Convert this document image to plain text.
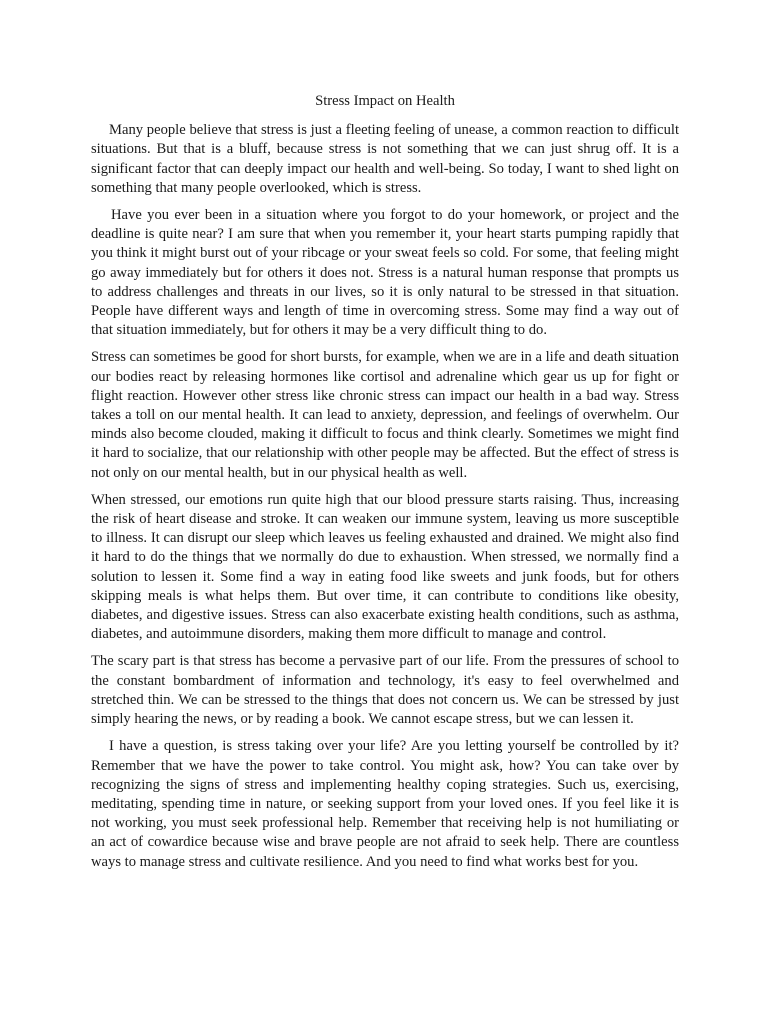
Stress Impact on Health

Many people believe that stress is just a fleeting feeling of unease, a common reaction to difficult situations. But that is a bluff, because stress is not something that we can just shrug off. It is a significant factor that can deeply impact our health and well-being. So today, I want to shed light on something that many people overlooked, which is stress.

Have you ever been in a situation where you forgot to do your homework, or project and the deadline is quite near? I am sure that when you remember it, your heart starts pumping rapidly that you think it might burst out of your ribcage or your sweat feels so cold. For some, that feeling might go away immediately but for others it does not. Stress is a natural human response that prompts us to address challenges and threats in our lives, so it is only natural to be stressed in that situation. People have different ways and length of time in overcoming stress. Some may find a way out of that situation immediately, but for others it may be a very difficult thing to do.

Stress can sometimes be good for short bursts, for example, when we are in a life and death situation our bodies react by releasing hormones like cortisol and adrenaline which gear us up for fight or flight reaction. However other stress like chronic stress can impact our health in a bad way. Stress takes a toll on our mental health. It can lead to anxiety, depression, and feelings of overwhelm. Our minds also become clouded, making it difficult to focus and think clearly. Sometimes we might find it hard to socialize, that our relationship with other people may be affected. But the effect of stress is not only on our mental health, but in our physical health as well.

When stressed, our emotions run quite high that our blood pressure starts raising. Thus, increasing the risk of heart disease and stroke. It can weaken our immune system, leaving us more susceptible to illness. It can disrupt our sleep which leaves us feeling exhausted and drained. We might also find it hard to do the things that we normally do due to exhaustion. When stressed, we normally find a solution to lessen it. Some find a way in eating food like sweets and junk foods, but for others skipping meals is what helps them. But over time, it can contribute to conditions like obesity, diabetes, and digestive issues. Stress can also exacerbate existing health conditions, such as asthma, diabetes, and autoimmune disorders, making them more difficult to manage and control.

The scary part is that stress has become a pervasive part of our life. From the pressures of school to the constant bombardment of information and technology, it's easy to feel overwhelmed and stretched thin. We can be stressed to the things that does not concern us. We can be stressed by just simply hearing the news, or by reading a book. We cannot escape stress, but we can lessen it.

I have a question, is stress taking over your life? Are you letting yourself be controlled by it? Remember that we have the power to take control. You might ask, how? You can take over by recognizing the signs of stress and implementing healthy coping strategies. Such us, exercising, meditating, spending time in nature, or seeking support from your loved ones. If you feel like it is not working, you must seek professional help. Remember that receiving help is not humiliating or an act of cowardice because wise and brave people are not afraid to seek help. There are countless ways to manage stress and cultivate resilience. And you need to find what works best for you.
